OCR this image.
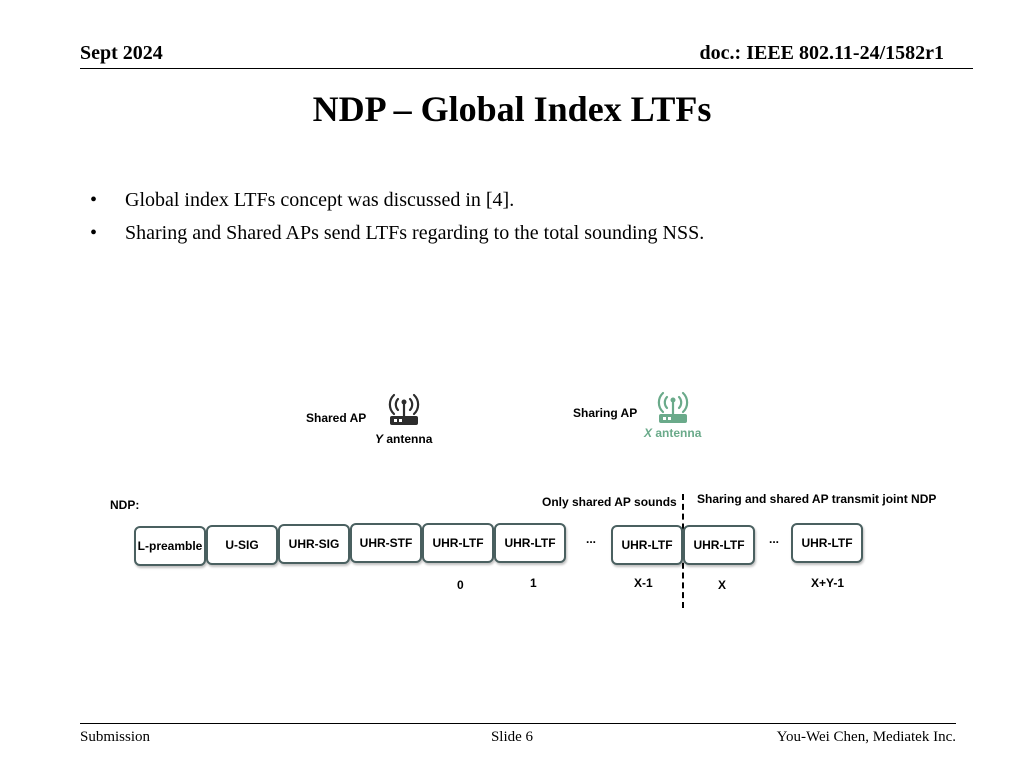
Sept 2024	doc.: IEEE 802.11-24/1582r1
NDP – Global Index LTFs
• Global index LTFs concept was discussed in [4].
• Sharing and Shared APs send LTFs regarding to the total sounding NSS.
Shared AP
Y antenna
Sharing AP
X antenna
NDP:	Only shared AP sounds Sharing and shared AP transmit joint NDP
L-preamble	U-SIG	UHR-SIG	UHR-STF	UHR-LTF	UHR-LTF	...	UHR-LTF	UHR-LTF	...	UHR-LTF
0	1	X-1	X	X+Y-1
Submission	Slide 6	You-Wei Chen, Mediatek Inc.
